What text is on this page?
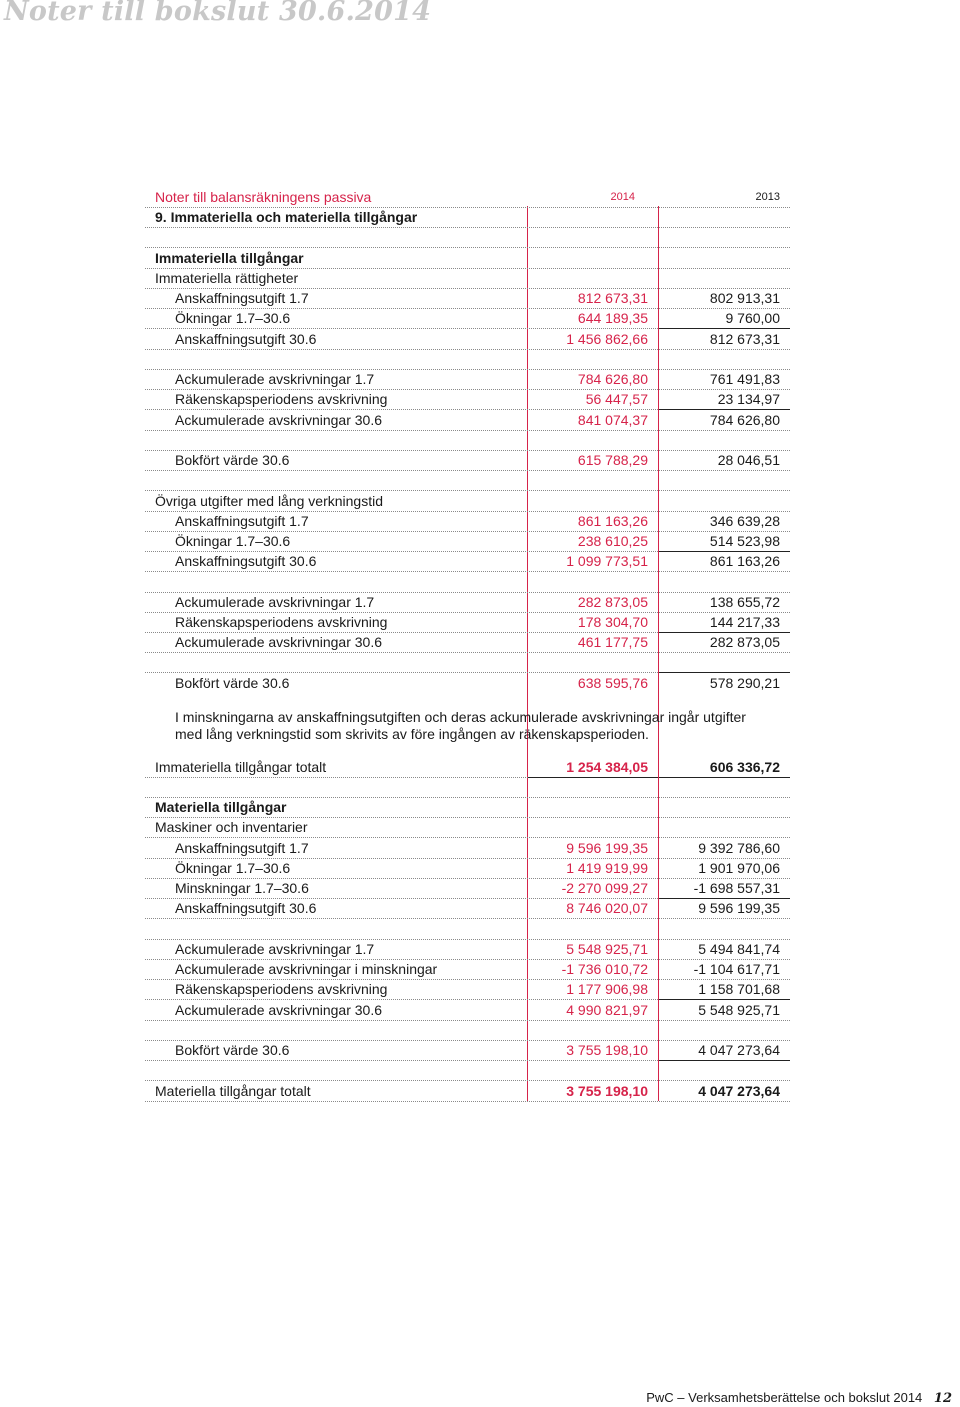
Noter till bokslut 30.6.2014
Noter till balansräkningens passiva	2014	2013
9. Immateriella och materiella tillgångar
Immateriella tillgångar
Immateriella rättigheter
Anskaffningsutgift 1.7	812 673,31	802 913,31
Ökningar 1.7–30.6	644 189,35	9 760,00
Anskaffningsutgift 30.6	1 456 862,66	812 673,31
Ackumulerade avskrivningar 1.7	784 626,80	761 491,83
Räkenskapsperiodens avskrivning	56 447,57	23 134,97
Ackumulerade avskrivningar 30.6	841 074,37	784 626,80
Bokfört värde 30.6	615 788,29	28 046,51
Övriga utgifter med lång verkningstid
Anskaffningsutgift 1.7	861 163,26	346 639,28
Ökningar 1.7–30.6	238 610,25	514 523,98
Anskaffningsutgift 30.6	1 099 773,51	861 163,26
Ackumulerade avskrivningar 1.7	282 873,05	138 655,72
Räkenskapsperiodens avskrivning	178 304,70	144 217,33
Ackumulerade avskrivningar 30.6	461 177,75	282 873,05
Bokfört värde 30.6	638 595,76	578 290,21

I minskningarna av anskaffningsutgiften och deras ackumulerade avskrivningar ingår utgifter med lång verkningstid som skrivits av före ingången av räkenskapsperioden.

Immateriella tillgångar totalt	1 254 384,05	606 336,72
Materiella tillgångar
Maskiner och inventarier
Anskaffningsutgift 1.7	9 596 199,35	9 392 786,60
Ökningar 1.7–30.6	1 419 919,99	1 901 970,06
Minskningar 1.7–30.6	-2 270 099,27	-1 698 557,31
Anskaffningsutgift 30.6	8 746 020,07	9 596 199,35
Ackumulerade avskrivningar 1.7	5 548 925,71	5 494 841,74
Ackumulerade avskrivningar i minskningar	-1 736 010,72	-1 104 617,71
Räkenskapsperiodens avskrivning	1 177 906,98	1 158 701,68
Ackumulerade avskrivningar 30.6	4 990 821,97	5 548 925,71
Bokfört värde 30.6	3 755 198,10	4 047 273,64
Materiella tillgångar totalt	3 755 198,10	4 047 273,64
PwC – Verksamhetsberättelse och bokslut 2014 12
